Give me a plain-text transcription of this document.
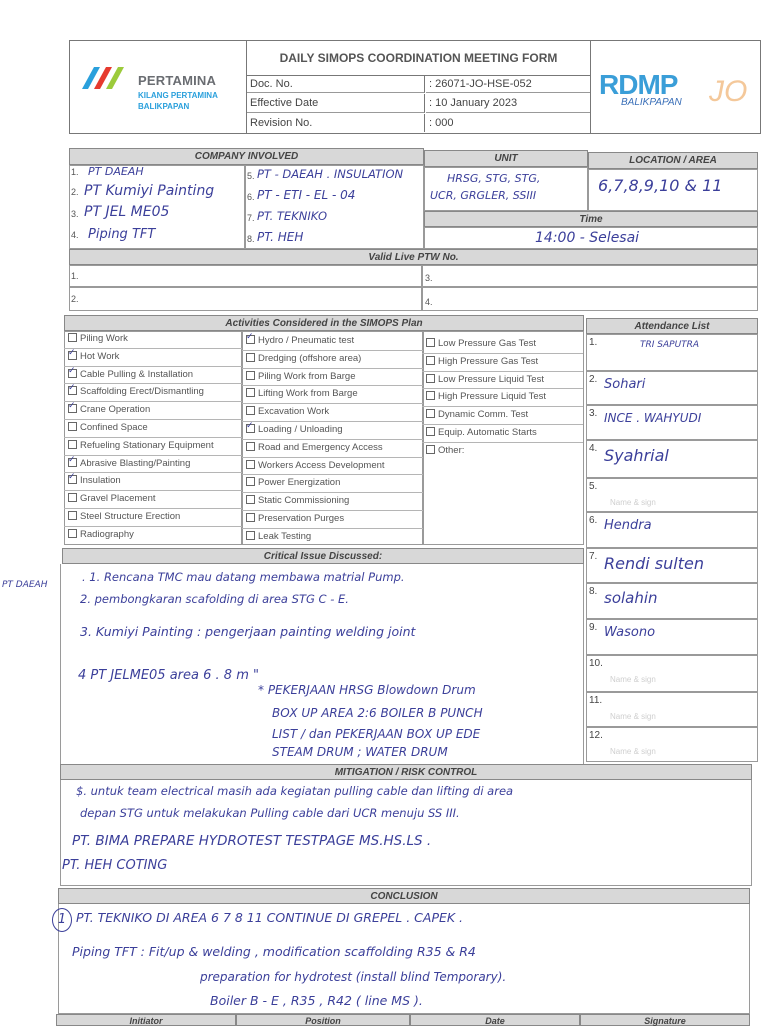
PERTAMINA
KILANG PERTAMINA
BALIKPAPAN
DAILY SIMOPS COORDINATION MEETING FORM
Doc. No.	: 26071-JO-HSE-052
Effective Date	: 10 January 2023
Revision No.	: 000
RDMP
BALIKPAPAN JO
COMPANY INVOLVED	UNIT	LOCATION / AREA
Time
1. PT DAEAH
2. PT Kumiyi Painting
3. PT JEL ME05
4. Piping TFT
5. PT - DAEAH . INSULATION
6. PT - ETI - EL - 04
7. PT. TEKNIKO
8. PT. HEH
HRSG, STG, STG,
UCR, GRGLER, SSIII
6,7,8,9,10 & 11
14:00 - Selesai
Valid Live PTW No.
1.
2.
3.
4.
Activities Considered in the SIMOPS Plan	Attendance List
Piling Work
✓Hot Work
✓Cable Pulling & Installation
✓Scaffolding Erect/Dismantling
✓Crane Operation
Confined Space
Refueling Stationary Equipment
✓Abrasive Blasting/Painting
✓Insulation
Gravel Placement
Steel Structure Erection
Radiography
✓Hydro / Pneumatic test
Dredging (offshore area)
Piling Work from Barge
Lifting Work from Barge
Excavation Work
✓Loading / Unloading
Road and Emergency Access
Workers Access Development
Power Energization
Static Commissioning
Preservation Purges
Leak Testing
Low Pressure Gas Test
High Pressure Gas Test
Low Pressure Liquid Test
High Pressure Liquid Test
Dynamic Comm. Test
Equip. Automatic Starts
Other:
1.	TRI SAPUTRA
2. Sohari
3. INCE . WAHYUDI
4. Syahrial
5.
Name & sign
6. Hendra
7. Rendi sulten
8. solahin
9. Wasono
10.
Name & sign
11.
Name & sign
12.
Name & sign
Critical Issue Discussed:
PT DAEAH
. 1. Rencana TMC mau datang membawa matrial Pump.
2. pembongkaran scafolding di area STG C - E.
3. Kumiyi Painting : pengerjaan painting welding joint
4 PT JELME05 area 6 . 8 m "
* PEKERJAAN HRSG Blowdown Drum
BOX UP AREA 2:6 BOILER B PUNCH
LIST / dan PEKERJAAN BOX UP EDE
STEAM DRUM ; WATER DRUM
MITIGATION / RISK CONTROL
$. untuk team electrical masih ada kegiatan pulling cable dan lifting di area
depan STG untuk melakukan Pulling cable dari UCR menuju SS III.
PT. BIMA PREPARE HYDROTEST TESTPAGE MS.HS.LS .
PT. HEH COTING
CONCLUSION
1 PT. TEKNIKO DI AREA 6 7 8 11 CONTINUE DI GREPEL . CAPEK .
Piping TFT : Fit/up & welding , modification scaffolding R35 & R4
preparation for hydrotest (install blind Temporary).
Boiler B - E , R35 , R42 ( line MS ).
Initiator	Position	Date	Signature
